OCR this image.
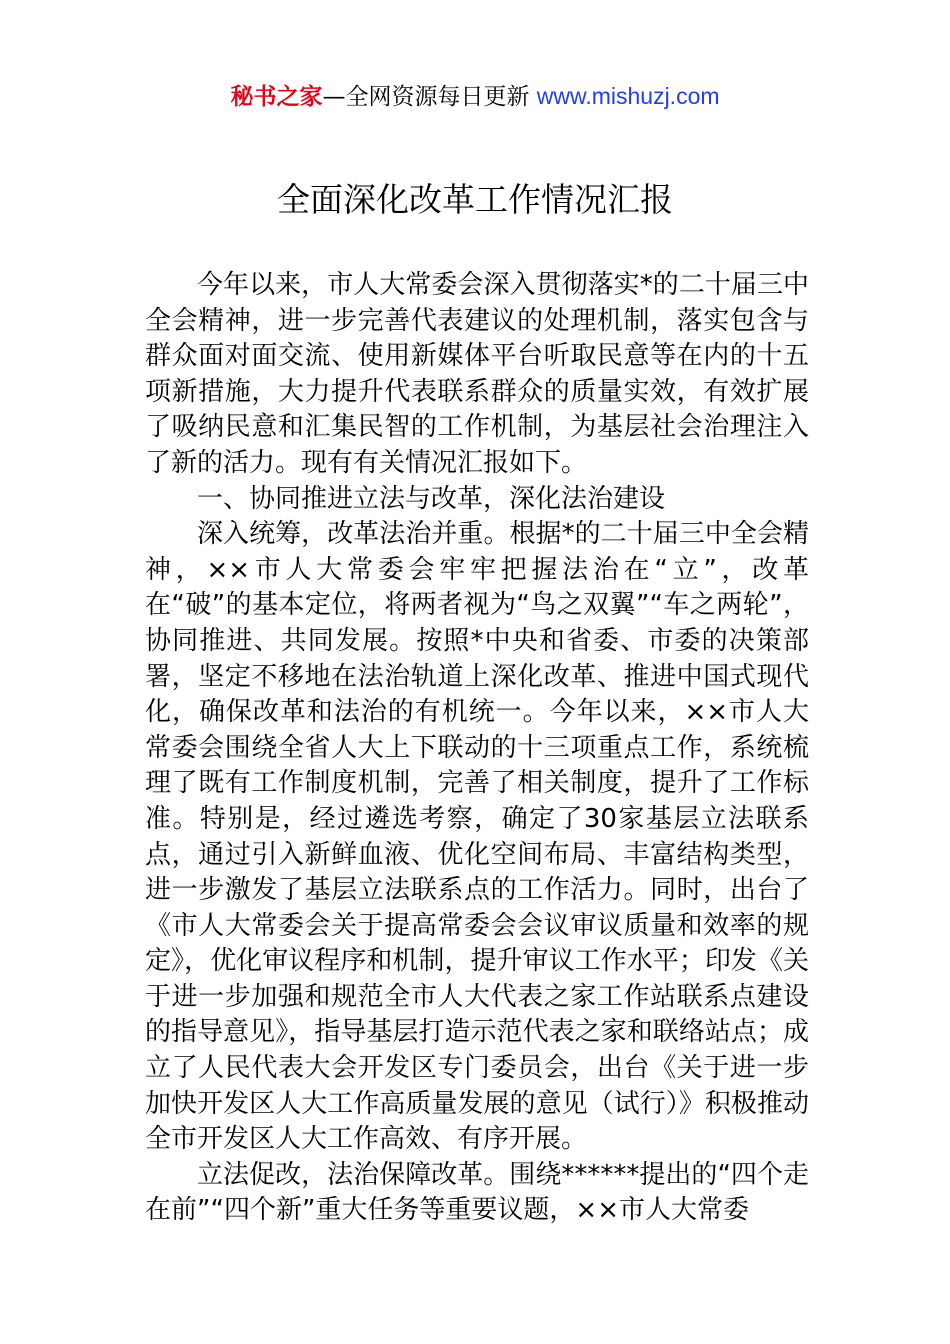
秘书之家—全网资源每日更新 www.mishuzj.com
全面深化改革工作情况汇报

今年以来，市人大常委会深入贯彻落实*的二十届三中全会精神，进一步完善代表建议的处理机制，落实包含与群众面对面交流、使用新媒体平台听取民意等在内的十五项新措施，大力提升代表联系群众的质量实效，有效扩展了吸纳民意和汇集民智的工作机制，为基层社会治理注入了新的活力。现有有关情况汇报如下。

一、协同推进立法与改革，深化法治建设

深入统筹，改革法治并重。根据*的二十届三中全会精神，××市人大常委会牢牢把握法治在“立”，改革在“破”的基本定位，将两者视为“鸟之双翼”“车之两轮”，协同推进、共同发展。按照*中央和省委、市委的决策部署，坚定不移地在法治轨道上深化改革、推进中国式现代化，确保改革和法治的有机统一。今年以来，××市人大常委会围绕全省人大上下联动的十三项重点工作，系统梳理了既有工作制度机制，完善了相关制度，提升了工作标准。特别是，经过遴选考察，确定了30家基层立法联系点，通过引入新鲜血液、优化空间布局、丰富结构类型，进一步激发了基层立法联系点的工作活力。同时，出台了《市人大常委会关于提高常委会会议审议质量和效率的规定》，优化审议程序和机制，提升审议工作水平；印发《关于进一步加强和规范全市人大代表之家工作站联系点建设的指导意见》，指导基层打造示范代表之家和联络站点；成立了人民代表大会开发区专门委员会，出台《关于进一步加快开发区人大工作高质量发展的意见（试行）》积极推动全市开发区人大工作高效、有序开展。

立法促改，法治保障改革。围绕******提出的“四个走在前”“四个新”重大任务等重要议题，××市人大常委
